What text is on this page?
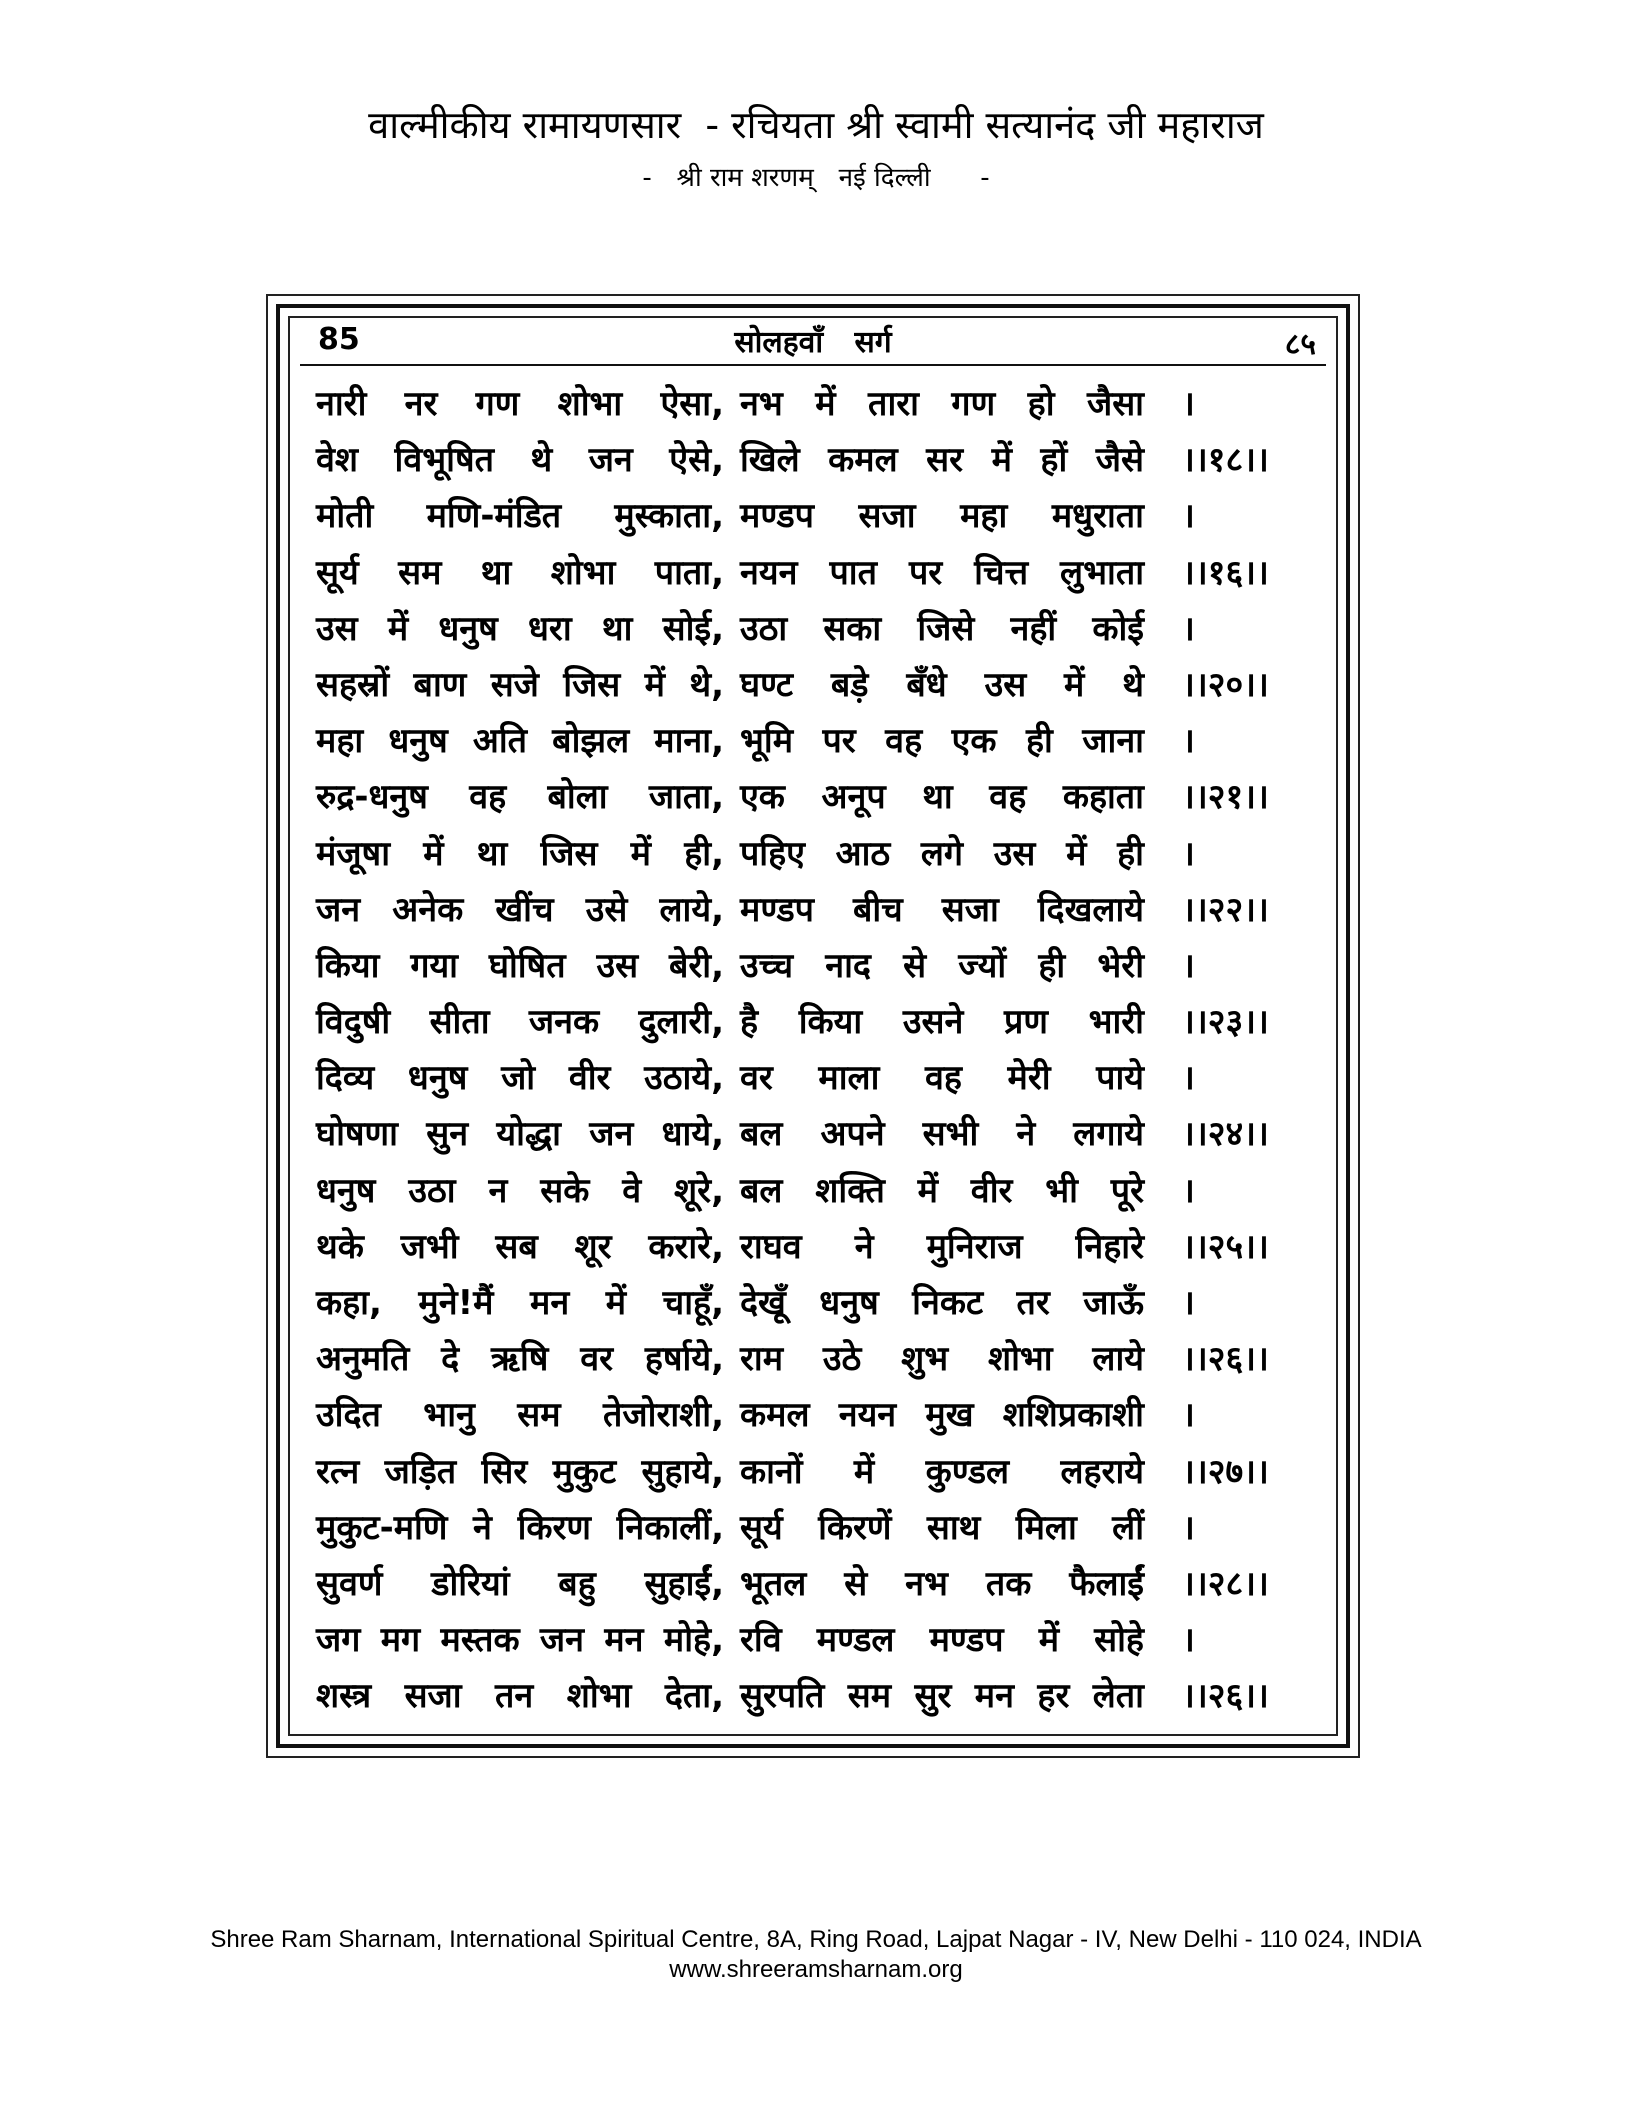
वाल्मीकीय रामायणसार  - रचियता श्री स्वामी सत्यानंद जी महाराज
-   श्री राम शरणम्   नई दिल्ली      -
85	सोलहवाँ   सर्ग	८५
नारी नर गण शोभा ऐसा, नभ में तारा गण हो जैसा ।
वेश विभूषित थे जन ऐसे, खिले कमल सर में हों जैसे ।।१८।।
मोती मणि-मंडित मुस्काता, मण्डप सजा महा मधुराता ।
सूर्य सम था शोभा पाता, नयन पात पर चित्त लुभाता ।।१६।।
उस में धनुष धरा था सोई, उठा सका जिसे नहीं कोई ।
सहस्रों बाण सजे जिस में थे, घण्ट बड़े बँधे उस में थे ।।२०।।
महा धनुष अति बोझल माना, भूमि पर वह एक ही जाना ।
रुद्र-धनुष वह बोला जाता, एक अनूप था वह कहाता ।।२१।।
मंजूषा में था जिस में ही, पहिए आठ लगे उस में ही ।
जन अनेक खींच उसे लाये, मण्डप बीच सजा दिखलाये ।।२२।।
किया गया घोषित उस बेरी, उच्च नाद से ज्यों ही भेरी ।
विदुषी सीता जनक दुलारी, है किया उसने प्रण भारी ।।२३।।
दिव्य धनुष जो वीर उठाये, वर माला वह मेरी पाये ।
घोषणा सुन योद्धा जन धाये, बल अपने सभी ने लगाये ।।२४।।
धनुष उठा न सके वे शूरे, बल शक्ति में वीर भी पूरे ।
थके जभी सब शूर करारे, राघव ने मुनिराज निहारे ।।२५।।
कहा, मुने!मैं मन में चाहूँ, देखूँ धनुष निकट तर जाऊँ ।
अनुमति दे ऋषि वर हर्षाये, राम उठे शुभ शोभा लाये ।।२६।।
उदित भानु सम तेजोराशी, कमल नयन मुख शशिप्रकाशी ।
रत्न जड़ित सिर मुकुट सुहाये, कानों में कुण्डल लहराये ।।२७।।
मुकुट-मणि ने किरण निकालीं, सूर्य किरणें साथ मिला लीं ।
सुवर्ण डोरियां बहु सुहाईं, भूतल से नभ तक फैलाईं ।।२८।।
जग मग मस्तक जन मन मोहे, रवि मण्डल मण्डप में सोहे ।
शस्त्र सजा तन शोभा देता, सुरपति सम सुर मन हर लेता ।।२६।।
Shree Ram Sharnam, International Spiritual Centre, 8A, Ring Road, Lajpat Nagar - IV, New Delhi - 110 024, INDIA
www.shreeramsharnam.org
